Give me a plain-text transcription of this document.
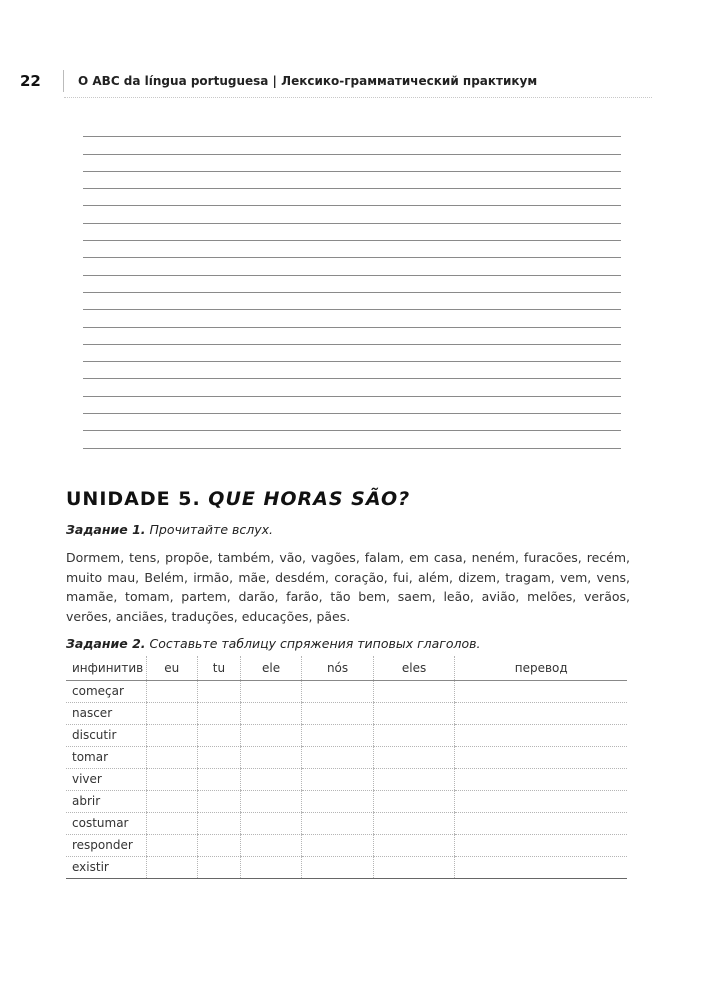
22	O ABC da língua portuguesa | Лексико-грамматический практикум
UNIDADE 5. QUE HORAS SÃO?
Задание 1. Прочитайте вслух.
Dormem, tens, propõe, também, vão, vagões, falam, em casa, neném, furacões, recém, muito mau, Belém, irmão, mãe, desdém, coração, fui, além, dizem, tragam, vem, vens, mamãe, tomam, partem, darão, farão, tão bem, saem, leão, avião, melões, verãos, verões, anciães, traduções, educações, pães.
Задание 2. Составьте таблицу спряжения типовых глаголов.
инфинитив	eu	tu	ele	nós	eles	перевод
começar						
nascer						
discutir						
tomar						
viver						
abrir						
costumar						
responder						
existir						
